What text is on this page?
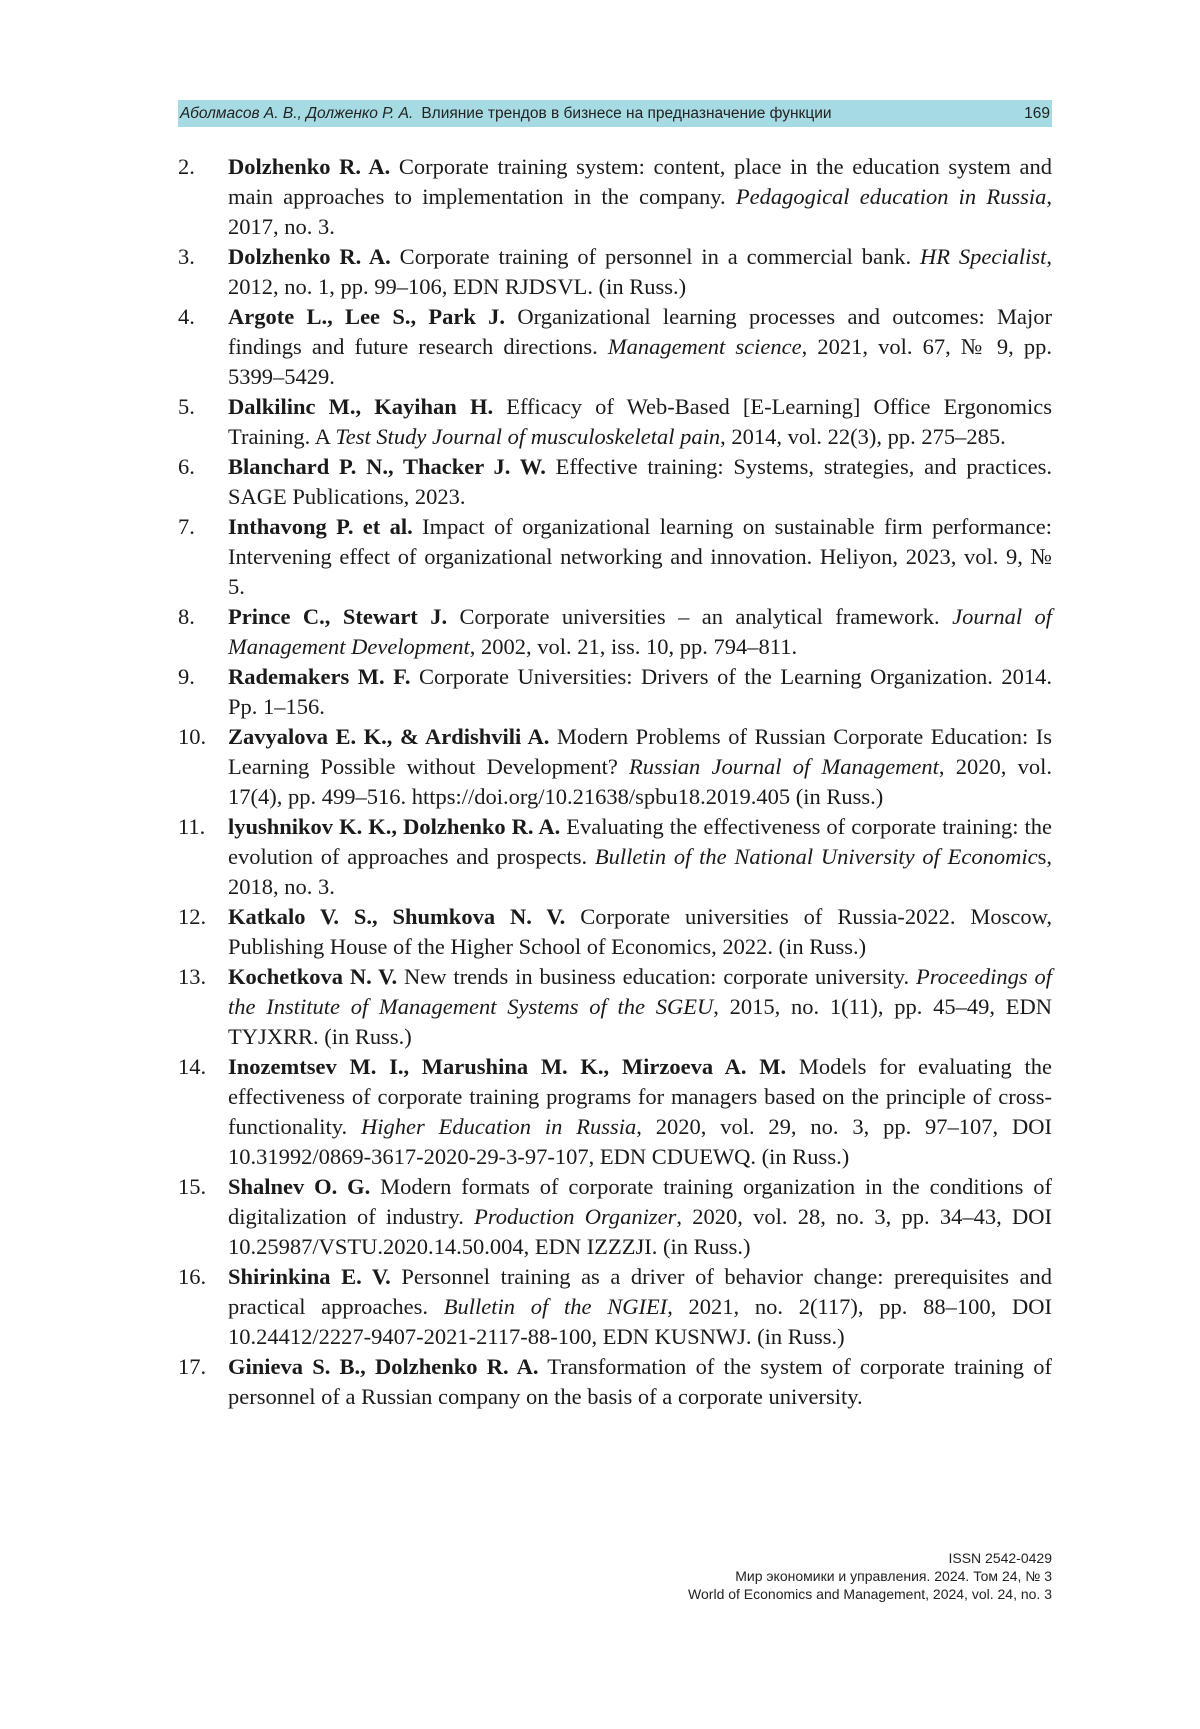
Аболмасов А. В., Долженко Р. А. Влияние трендов в бизнесе на предназначение функции	169
2.	Dolzhenko R. A. Corporate training system: content, place in the education system and main approaches to implementation in the company. Pedagogical education in Russia, 2017, no. 3.
3.	Dolzhenko R. A. Corporate training of personnel in a commercial bank. HR Specialist, 2012, no. 1, pp. 99–106, EDN RJDSVL. (in Russ.)
4.	Argote L., Lee S., Park J. Organizational learning processes and outcomes: Major findings and future research directions. Management science, 2021, vol. 67, № 9, pp. 5399–5429.
5.	Dalkilinc M., Kayihan H. Efficacy of Web-Based [E-Learning] Office Ergonomics Training. A Test Study Journal of musculoskeletal pain, 2014, vol. 22(3), pp. 275–285.
6.	Blanchard P. N., Thacker J. W. Effective training: Systems, strategies, and practices. SAGE Publications, 2023.
7.	Inthavong P. et al. Impact of organizational learning on sustainable firm performance: Intervening effect of organizational networking and innovation. Heliyon, 2023, vol. 9, № 5.
8.	Prince C., Stewart J. Corporate universities – an analytical framework. Journal of Management Development, 2002, vol. 21, iss. 10, pp. 794–811.
9.	Rademakers M. F. Corporate Universities: Drivers of the Learning Organization. 2014. Pp. 1–156.
10. Zavyalova E. K., & Ardishvili A. Modern Problems of Russian Corporate Education: Is Learning Possible without Development? Russian Journal of Management, 2020, vol. 17(4), pp. 499–516. https://doi.org/10.21638/spbu18.2019.405 (in Russ.)
11.	lyushnikov K. K., Dolzhenko R. A. Evaluating the effectiveness of corporate training: the evolution of approaches and prospects. Bulletin of the National University of Economics, 2018, no. 3.
12. Katkalo V. S., Shumkova N. V. Corporate universities of Russia-2022. Moscow, Publishing House of the Higher School of Economics, 2022. (in Russ.)
13. Kochetkova N. V. New trends in business education: corporate university. Proceedings of the Institute of Management Systems of the SGEU, 2015, no. 1(11), pp. 45–49, EDN TYJXRR. (in Russ.)
14. Inozemtsev M. I., Marushina M. K., Mirzoeva A. M. Models for evaluating the effectiveness of corporate training programs for managers based on the principle of cross-functionality. Higher Education in Russia, 2020, vol. 29, no. 3, pp. 97–107, DOI 10.31992/0869-3617-2020-29-3-97-107, EDN CDUEWQ. (in Russ.)
15. Shalnev O. G. Modern formats of corporate training organization in the conditions of digitalization of industry. Production Organizer, 2020, vol. 28, no. 3, pp. 34–43, DOI 10.25987/VSTU.2020.14.50.004, EDN IZZZJI. (in Russ.)
16. Shirinkina E. V. Personnel training as a driver of behavior change: prerequisites and practical approaches. Bulletin of the NGIEI, 2021, no. 2(117), pp. 88–100, DOI 10.24412/2227-9407-2021-2117-88-100, EDN KUSNWJ. (in Russ.)
17. Ginieva S. B., Dolzhenko R. A. Transformation of the system of corporate training of personnel of a Russian company on the basis of a corporate university.
ISSN 2542-0429
Мир экономики и управления. 2024. Том 24, № 3
World of Economics and Management, 2024, vol. 24, no. 3
